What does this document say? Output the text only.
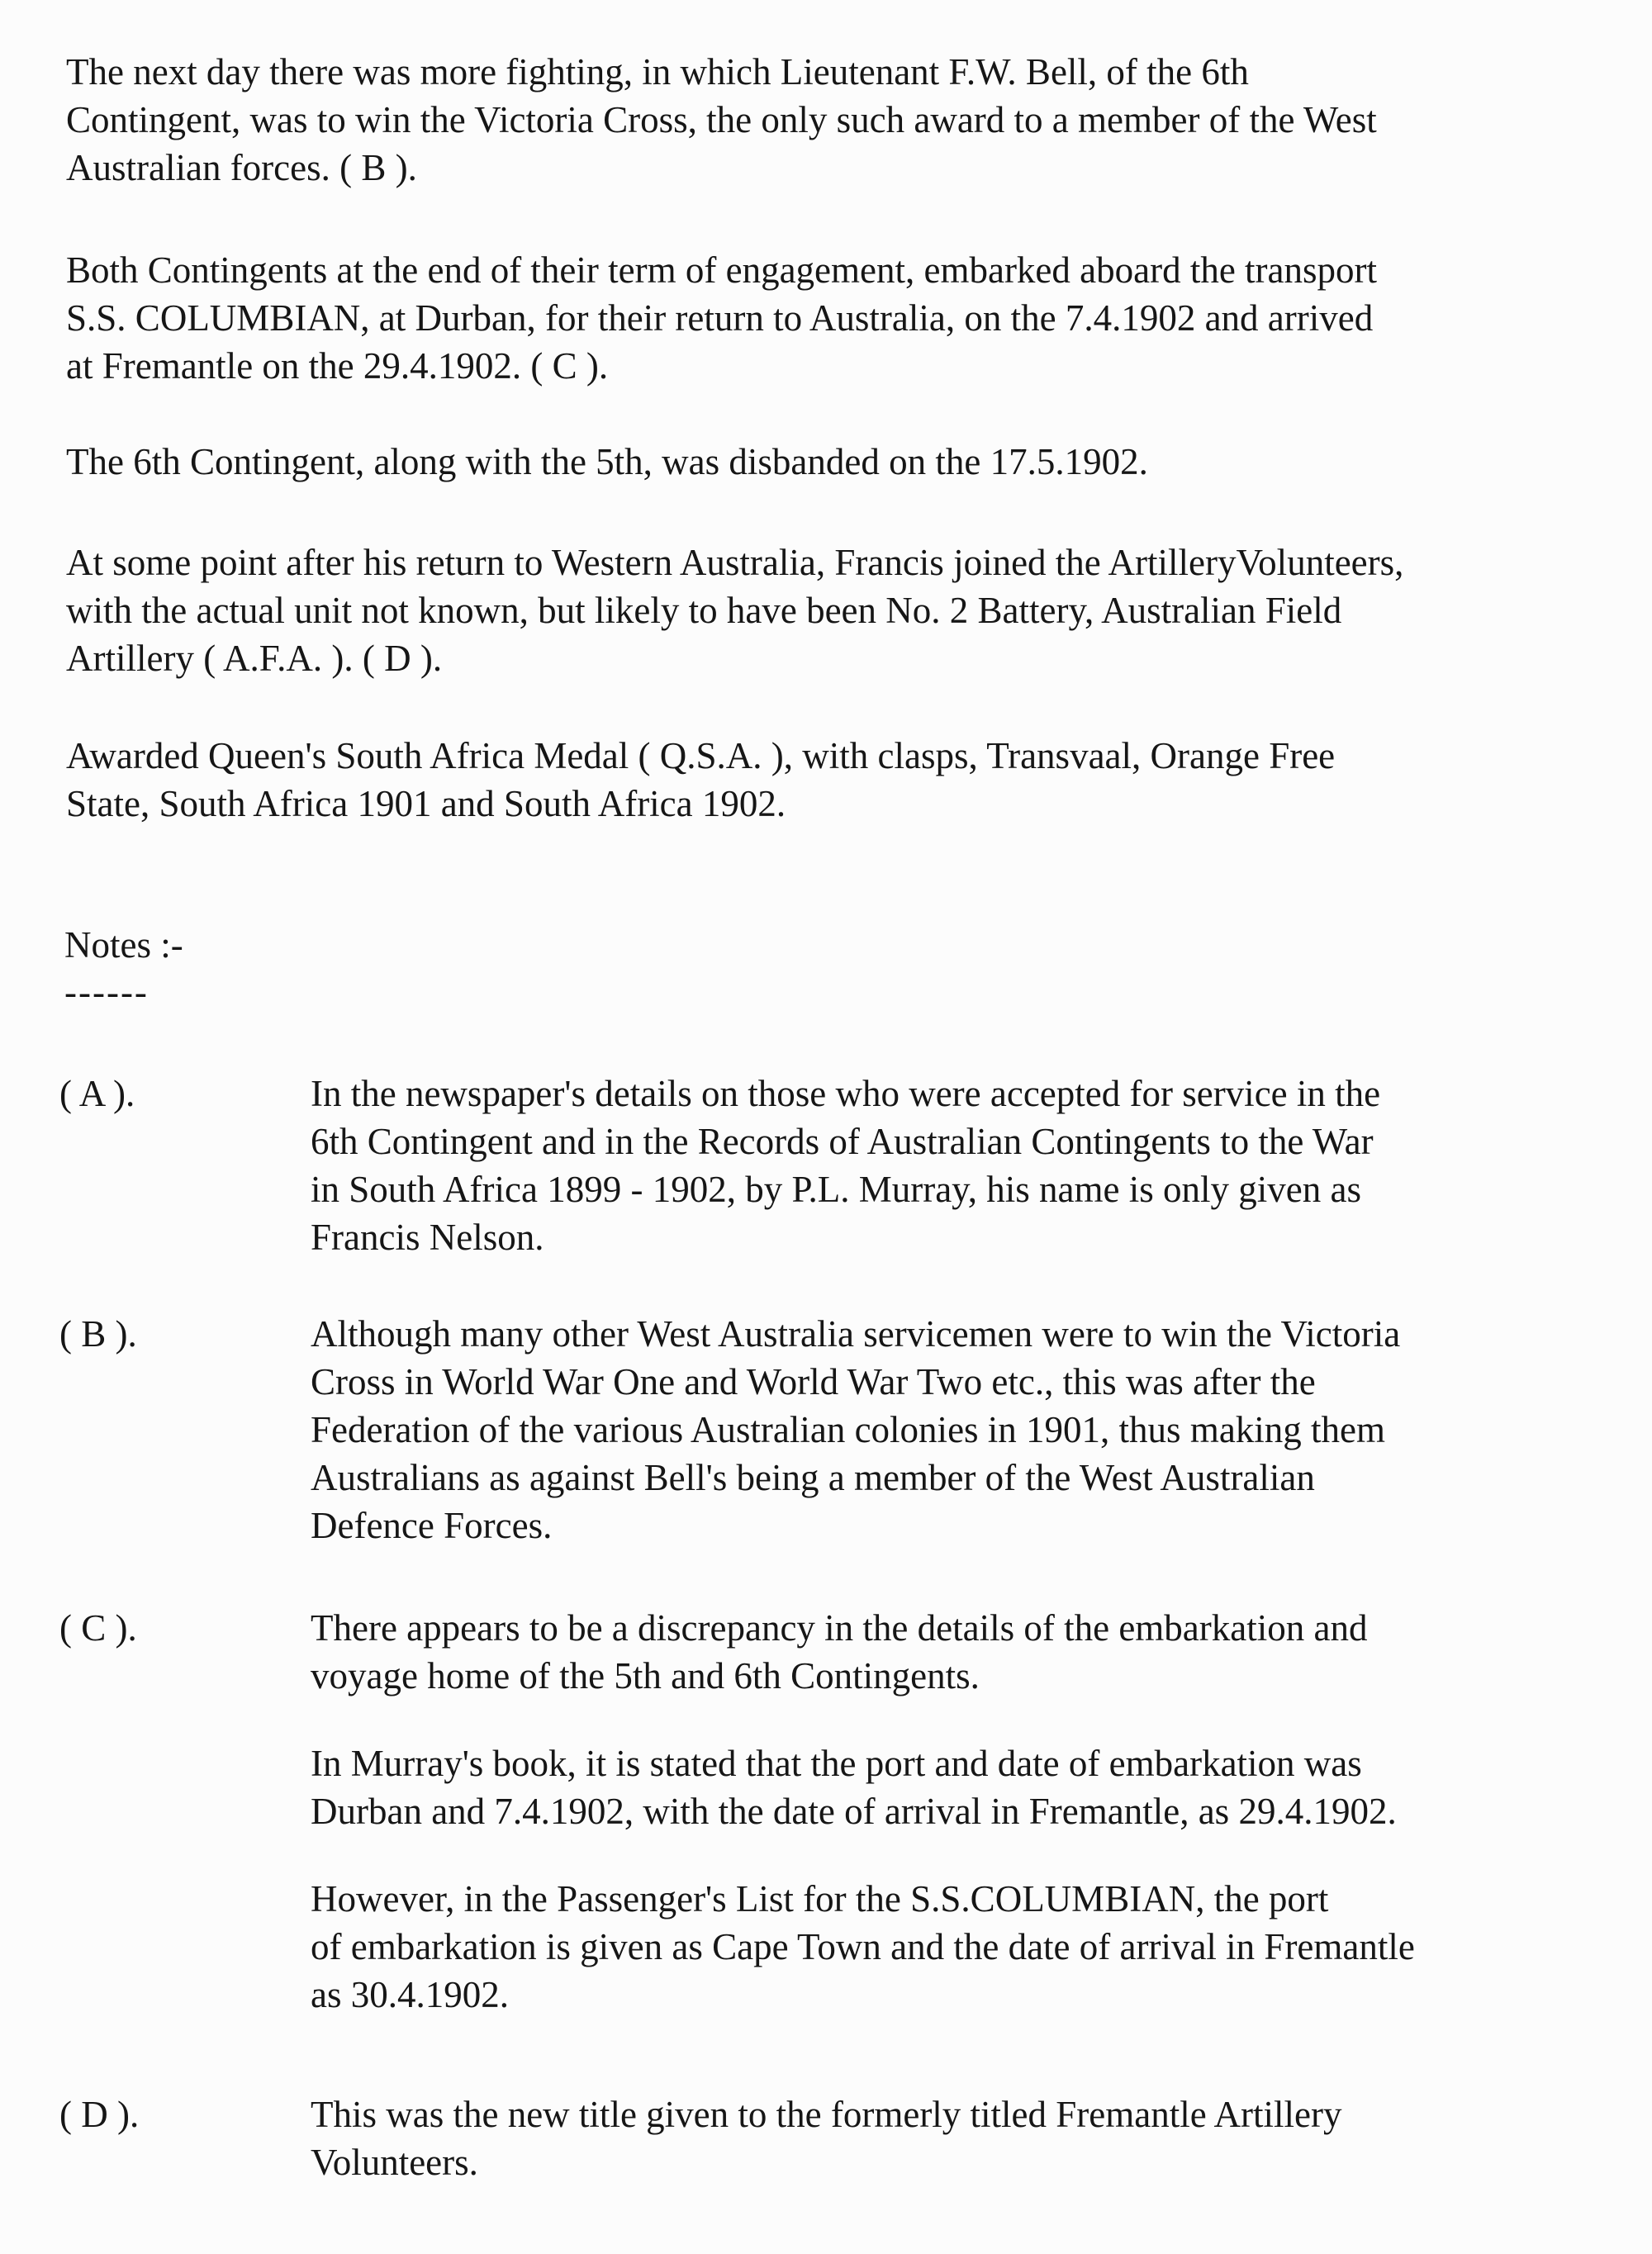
The next day there was more fighting, in which Lieutenant F.W. Bell, of the 6th
Contingent, was to win the Victoria Cross, the only such award to a member of the West
Australian forces. ( B ).

Both Contingents at the end of their term of engagement, embarked aboard the transport
S.S. COLUMBIAN, at Durban, for their return to Australia, on the 7.4.1902 and arrived
at Fremantle on the 29.4.1902. ( C ).

The 6th Contingent, along with the 5th, was disbanded on the 17.5.1902.

At some point after his return to Western Australia, Francis joined the ArtilleryVolunteers,
with the actual unit not known, but likely to have been No. 2 Battery, Australian Field
Artillery ( A.F.A. ). ( D ).

Awarded Queen's South Africa Medal ( Q.S.A. ), with clasps, Transvaal, Orange Free
State, South Africa 1901 and South Africa 1902.

Notes :-

------

( A ).	In the newspaper's details on those who were accepted for service in the
6th Contingent and in the Records of Australian Contingents to the War
in South Africa 1899 - 1902, by P.L. Murray, his name is only given as
Francis Nelson.

( B ).	Although many other West Australia servicemen were to win the Victoria
Cross in World War One and World War Two etc., this was after the
Federation of the various Australian colonies in 1901, thus making them
Australians as against Bell's being a member of the West Australian
Defence Forces.

( C ).	There appears to be a discrepancy in the details of the embarkation and
voyage home of the 5th and 6th Contingents.

In Murray's book, it is stated that the port and date of embarkation was
Durban and 7.4.1902, with the date of arrival in Fremantle, as 29.4.1902.

However, in the Passenger's List for the S.S.COLUMBIAN, the port
of embarkation is given as Cape Town and the date of arrival in Fremantle
as 30.4.1902.

( D ).	This was the new title given to the formerly titled Fremantle Artillery
Volunteers.
